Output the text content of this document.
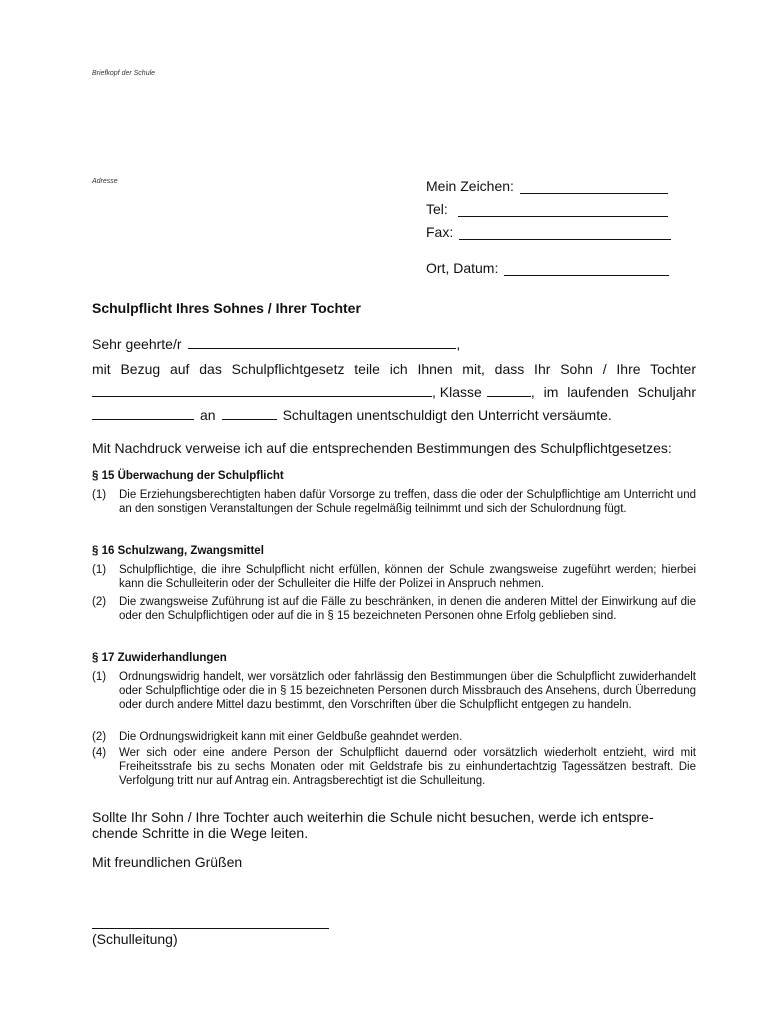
Briefkopf der Schule
Adresse	Mein Zeichen:
Tel:
Fax:
Ort, Datum:
Schulpflicht Ihres Sohnes / Ihrer Tochter
Sehr geehrte/r	,
mit Bezug auf das Schulpflichtgesetz teile ich Ihnen mit, dass Ihr Sohn / Ihre Tochter
, Klasse	, im laufenden Schuljahr
an	Schultagen unentschuldigt den Unterricht versäumte.
Mit Nachdruck verweise ich auf die entsprechenden Bestimmungen des Schulpflichtgesetzes:
§ 15 Überwachung der Schulpflicht
(1)	Die Erziehungsberechtigten haben dafür Vorsorge zu treffen, dass die oder der Schulpflichtige am Unterricht und an den sonstigen Veranstaltungen der Schule regelmäßig teilnimmt und sich der Schulordnung fügt.
§ 16 Schulzwang, Zwangsmittel
(1)	Schulpflichtige, die ihre Schulpflicht nicht erfüllen, können der Schule zwangsweise zugeführt werden; hierbei kann die Schulleiterin oder der Schulleiter die Hilfe der Polizei in Anspruch nehmen.
(2)	Die zwangsweise Zuführung ist auf die Fälle zu beschränken, in denen die anderen Mittel der Einwirkung auf die oder den Schulpflichtigen oder auf die in § 15 bezeichneten Personen ohne Erfolg geblieben sind.
§ 17 Zuwiderhandlungen
(1)	Ordnungswidrig handelt, wer vorsätzlich oder fahrlässig den Bestimmungen über die Schulpflicht zuwiderhandelt oder Schulpflichtige oder die in § 15 bezeichneten Personen durch Missbrauch des Ansehens, durch Überredung oder durch andere Mittel dazu bestimmt, den Vorschriften über die Schulpflicht entgegen zu handeln.
(2)	Die Ordnungswidrigkeit kann mit einer Geldbuße geahndet werden.
(4)	Wer sich oder eine andere Person der Schulpflicht dauernd oder vorsätzlich wiederholt entzieht, wird mit Freiheitsstrafe bis zu sechs Monaten oder mit Geldstrafe bis zu einhundertachtzig Tagessätzen bestraft. Die Verfolgung tritt nur auf Antrag ein. Antragsberechtigt ist die Schulleitung.
Sollte Ihr Sohn / Ihre Tochter auch weiterhin die Schule nicht besuchen, werde ich entspre-
chende Schritte in die Wege leiten.
Mit freundlichen Grüßen
(Schulleitung)
